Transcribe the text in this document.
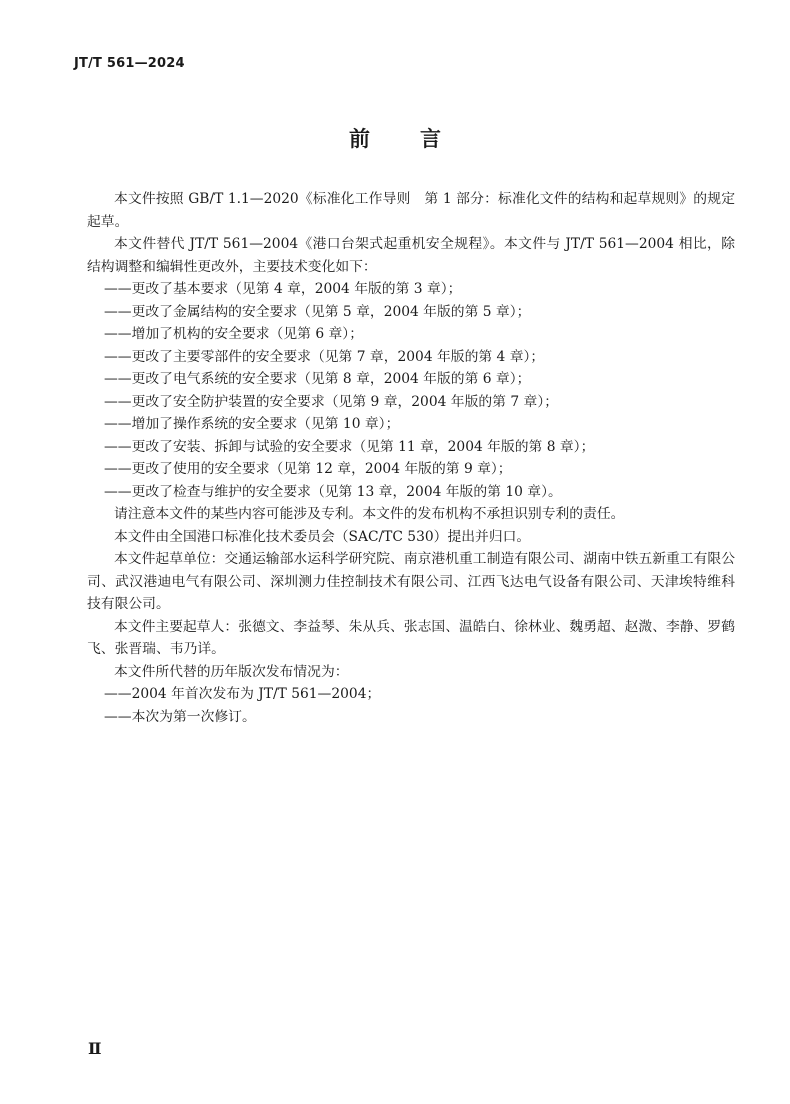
JT/T 561—2024
前 言

本文件按照 GB/T 1.1—2020《标准化工作导则　第 1 部分：标准化文件的结构和起草规则》的规定起草。

本文件替代 JT/T 561—2004《港口台架式起重机安全规程》。本文件与 JT/T 561—2004 相比，除结构调整和编辑性更改外，主要技术变化如下：

——更改了基本要求（见第 4 章，2004 年版的第 3 章）；

——更改了金属结构的安全要求（见第 5 章，2004 年版的第 5 章）；

——增加了机构的安全要求（见第 6 章）；

——更改了主要零部件的安全要求（见第 7 章，2004 年版的第 4 章）；

——更改了电气系统的安全要求（见第 8 章，2004 年版的第 6 章）；

——更改了安全防护装置的安全要求（见第 9 章，2004 年版的第 7 章）；

——增加了操作系统的安全要求（见第 10 章）；

——更改了安装、拆卸与试验的安全要求（见第 11 章，2004 年版的第 8 章）；

——更改了使用的安全要求（见第 12 章，2004 年版的第 9 章）；

——更改了检查与维护的安全要求（见第 13 章，2004 年版的第 10 章）。

请注意本文件的某些内容可能涉及专利。本文件的发布机构不承担识别专利的责任。

本文件由全国港口标准化技术委员会（SAC/TC 530）提出并归口。

本文件起草单位：交通运输部水运科学研究院、南京港机重工制造有限公司、湖南中铁五新重工有限公司、武汉港迪电气有限公司、深圳测力佳控制技术有限公司、江西飞达电气设备有限公司、天津埃特维科技有限公司。

本文件主要起草人：张德文、李益琴、朱从兵、张志国、温皓白、徐林业、魏勇超、赵溦、李静、罗鹤飞、张晋瑞、韦乃详。

本文件所代替的历年版次发布情况为：

——2004 年首次发布为 JT/T 561—2004；

——本次为第一次修订。

Ⅱ
